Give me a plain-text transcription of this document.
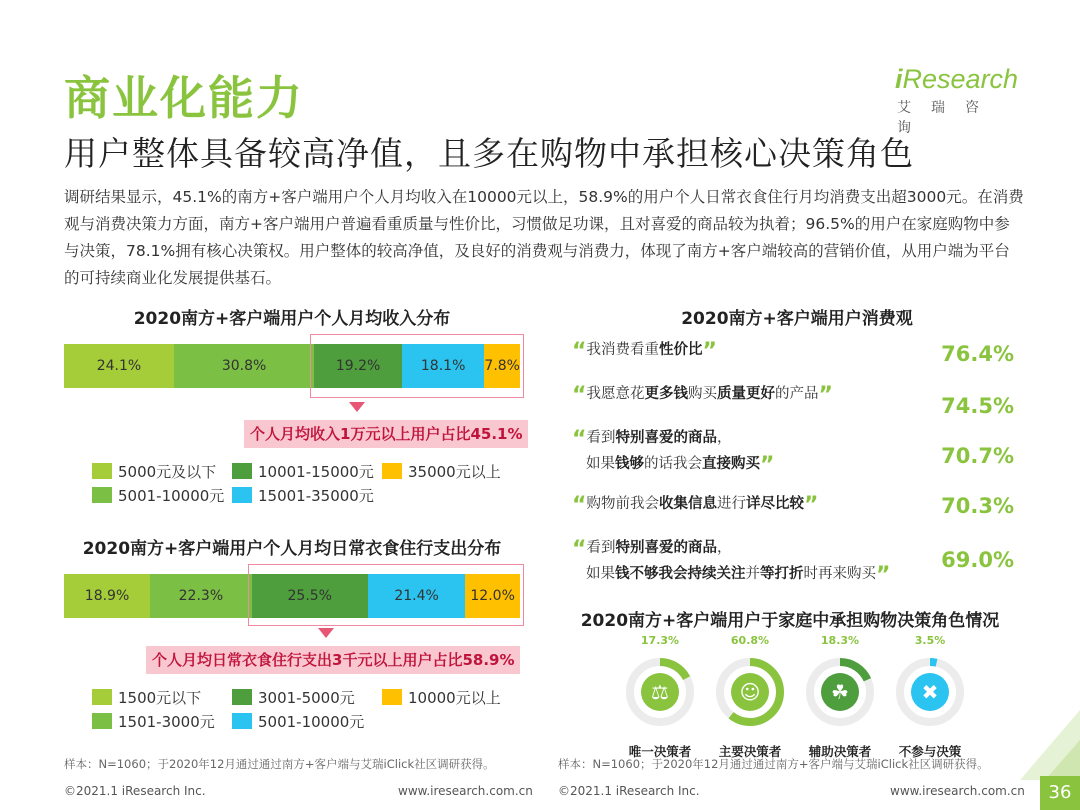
商业化能力
用户整体具备较高净值，且多在购物中承担核心决策角色
iResearch
艾瑞咨询
调研结果显示，45.1%的南方+客户端用户个人月均收入在10000元以上，58.9%的用户个人日常衣食住行月均消费支出超3000元。在消费观与消费决策力方面，南方+客户端用户普遍看重质量与性价比，习惯做足功课，且对喜爱的商品较为执着；96.5%的用户在家庭购物中参与决策，78.1%拥有核心决策权。用户整体的较高净值，及良好的消费观与消费力，体现了南方+客户端较高的营销价值，从用户端为平台的可持续商业化发展提供基石。
2020南方+客户端用户个人月均收入分布
24.1%	30.8%	19.2%	18.1%	7.8%
个人月均收入1万元以上用户占比45.1%
5000元及以下	10001-15000元 35000元以上
5001-10000元 15001-35000元
2020南方+客户端用户个人月均日常衣食住行支出分布
18.9%	22.3%	25.5%	21.4%	12.0%
个人月均日常衣食住行支出3千元以上用户占比58.9%
1500元以下	3001-5000元	10000元以上
1501-3000元	5001-10000元
样本：N=1060；于2020年12月通过通过南方+客户端与艾瑞iClick社区调研获得。
2020南方+客户端用户消费观
“我消费看重性价比”	76.4%
“我愿意花更多钱购买质量更好的产品”	74.5%
“看到特别喜爱的商品，
如果钱够的话我会直接购买”	70.7%
“购物前我会收集信息进行详尽比较”	70.3%
“看到特别喜爱的商品，
如果钱不够我会持续关注并等打折时再来购买”
69.0%
2020南方+客户端用户于家庭中承担购物决策角色情况
17.3%
⚖
唯一决策者
60.8%
☺
主要决策者
18.3%
☘
辅助决策者
3.5%
✖
不参与决策
样本：N=1060；于2020年12月通过通过南方+客户端与艾瑞iClick社区调研获得。
©2021.1 iResearch Inc.	www.iresearch.com.cn ©2021.1 iResearch Inc.	www.iresearch.com.cn	36
